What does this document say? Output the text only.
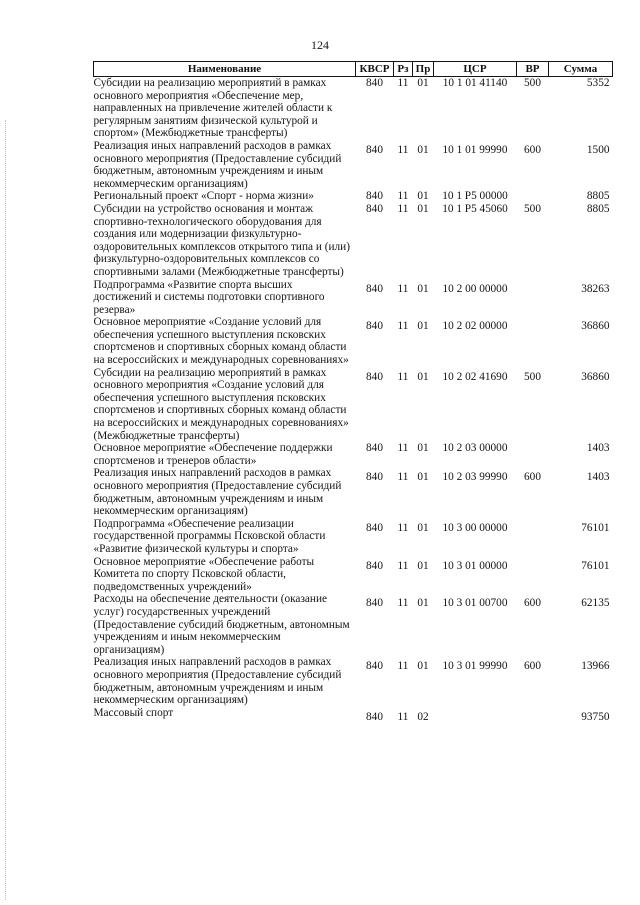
124
Наименование	КВСР	Рз	Пр	ЦСР	ВР	Сумма
Субсидии на реализацию мероприятий в рамках основного мероприятия «Обеспечение мер, направленных на привлечение жителей области к регулярным занятиям физической культурой и спортом» (Межбюджетные трансферты)	840	11	01	10 1 01 41140	500	5352
Реализация иных направлений расходов в рамках основного мероприятия (Предоставление субсидий бюджетным, автономным учреждениям и иным некоммерческим организациям)	840	11	01	10 1 01 99990	600	1500
Региональный проект «Спорт - норма жизни»	840	11	01	10 1 P5 00000		8805
Субсидии на устройство основания и монтаж спортивно-технологического оборудования для создания или модернизации физкультурно-оздоровительных комплексов открытого типа и (или) физкультурно-оздоровительных комплексов со спортивными залами (Межбюджетные трансферты)	840	11	01	10 1 P5 45060	500	8805
Подпрограмма «Развитие спорта высших достижений и системы подготовки спортивного резерва»	840	11	01	10 2 00 00000		38263
Основное мероприятие «Создание условий для обеспечения успешного выступления псковских спортсменов и спортивных сборных команд области на всероссийских и международных соревнованиях»	840	11	01	10 2 02 00000		36860
Субсидии на реализацию мероприятий в рамках основного мероприятия «Создание условий для обеспечения успешного выступления псковских спортсменов и спортивных сборных команд области на всероссийских и международных соревнованиях» (Межбюджетные трансферты)	840	11	01	10 2 02 41690	500	36860
Основное мероприятие «Обеспечение поддержки спортсменов и тренеров области»	840	11	01	10 2 03 00000		1403
Реализация иных направлений расходов в рамках основного мероприятия (Предоставление субсидий бюджетным, автономным учреждениям и иным некоммерческим организациям)	840	11	01	10 2 03 99990	600	1403
Подпрограмма «Обеспечение реализации государственной программы Псковской области «Развитие физической культуры и спорта»	840	11	01	10 3 00 00000		76101
Основное мероприятие «Обеспечение работы Комитета по спорту Псковской области, подведомственных учреждений»	840	11	01	10 3 01 00000		76101
Расходы на обеспечение деятельности (оказание услуг) государственных учреждений (Предоставление субсидий бюджетным, автономным учреждениям и иным некоммерческим организациям)	840	11	01	10 3 01 00700	600	62135
Реализация иных направлений расходов в рамках основного мероприятия (Предоставление субсидий бюджетным, автономным учреждениям и иным некоммерческим организациям)	840	11	01	10 3 01 99990	600	13966
Массовый спорт	840	11	02			93750
